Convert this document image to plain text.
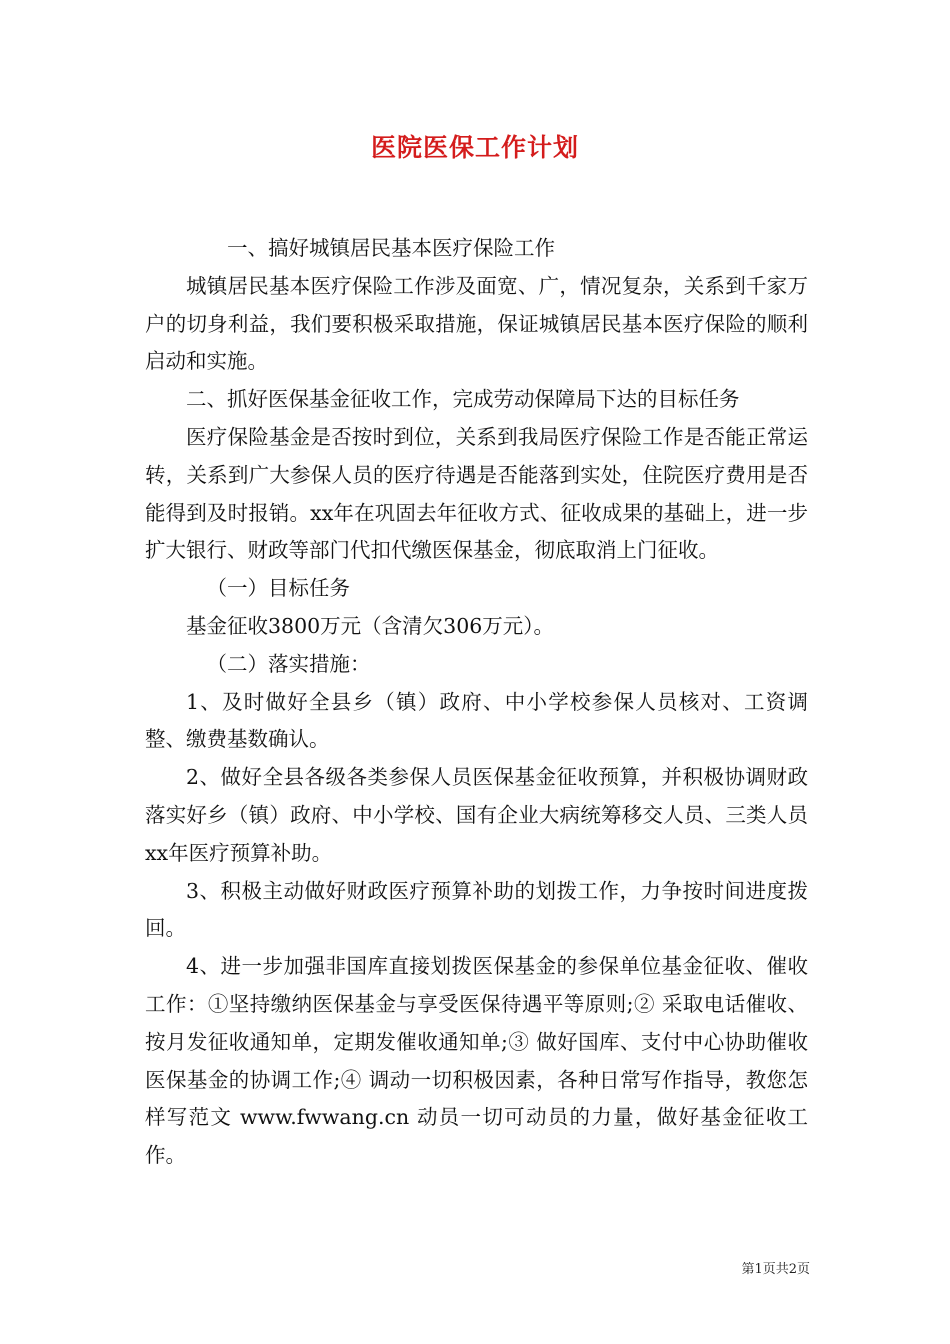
医院医保工作计划

一、搞好城镇居民基本医疗保险工作

城镇居民基本医疗保险工作涉及面宽、广，情况复杂，关系到千家万户的切身利益，我们要积极采取措施，保证城镇居民基本医疗保险的顺利启动和实施。

二、抓好医保基金征收工作，完成劳动保障局下达的目标任务

医疗保险基金是否按时到位，关系到我局医疗保险工作是否能正常运转，关系到广大参保人员的医疗待遇是否能落到实处，住院医疗费用是否能得到及时报销。xx年在巩固去年征收方式、征收成果的基础上，进一步扩大银行、财政等部门代扣代缴医保基金，彻底取消上门征收。

（一）目标任务

基金征收3800万元（含清欠306万元）。

（二）落实措施：

1、及时做好全县乡（镇）政府、中小学校参保人员核对、工资调整、缴费基数确认。

2、做好全县各级各类参保人员医保基金征收预算，并积极协调财政落实好乡（镇）政府、中小学校、国有企业大病统筹移交人员、三类人员xx年医疗预算补助。

3、积极主动做好财政医疗预算补助的划拨工作，力争按时间进度拨回。

4、进一步加强非国库直接划拨医保基金的参保单位基金征收、催收工作：①坚持缴纳医保基金与享受医保待遇平等原则;② 采取电话催收、按月发征收通知单，定期发催收通知单;③ 做好国库、支付中心协助催收医保基金的协调工作;④ 调动一切积极因素，各种日常写作指导，教您怎样写范文 www.fwwang.cn 动员一切可动员的力量，做好基金征收工作。

第1页共2页
